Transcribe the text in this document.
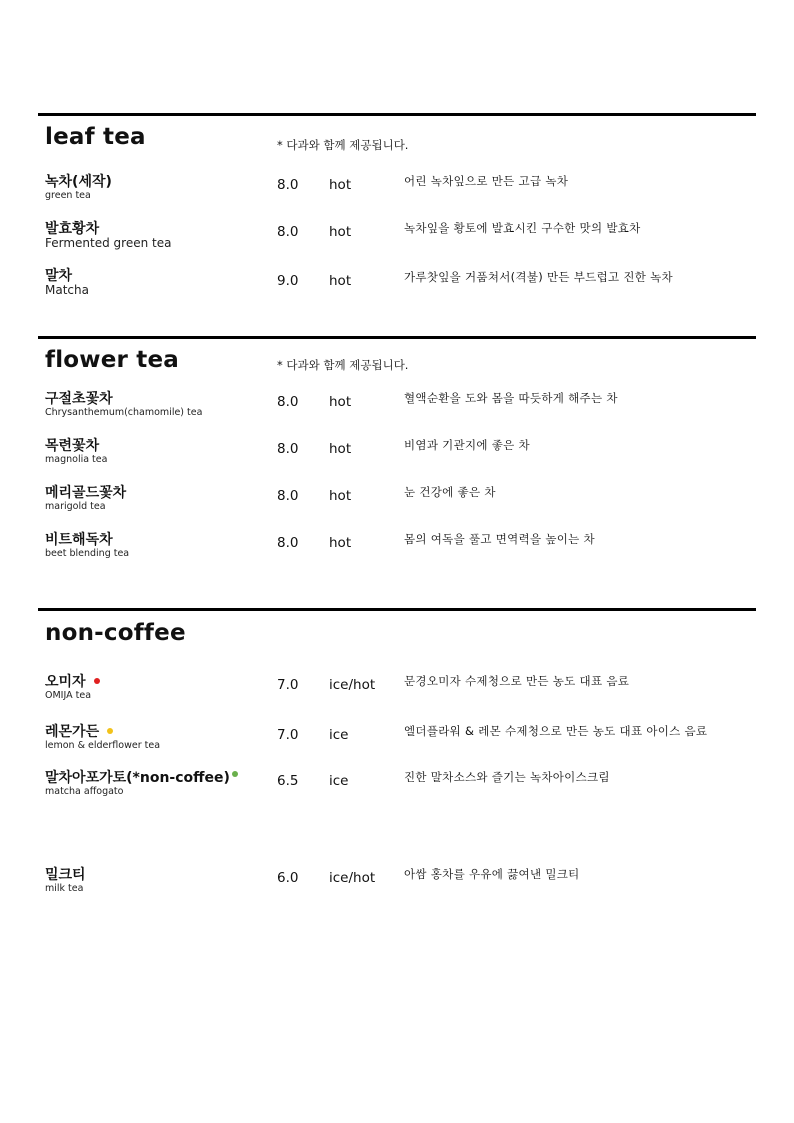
leaf tea	* 다과와 함께 제공됩니다.
녹차(세작)
green tea
8.0 hot	어린 녹차잎으로 만든 고급 녹차
발효황차
Fermented green tea
8.0 hot	녹차잎을 황토에 발효시킨 구수한 맛의 발효차
말차
Matcha
9.0 hot	가루찻잎을 거품쳐서(격불) 만든 부드럽고 진한 녹차
flower tea	* 다과와 함께 제공됩니다.
구절초꽃차
Chrysanthemum(chamomile) tea
8.0 hot	혈액순환을 도와 몸을 따듯하게 해주는 차
목련꽃차
magnolia tea
8.0 hot	비염과 기관지에 좋은 차
메리골드꽃차
marigold tea
8.0 hot	눈 건강에 좋은 차
비트해독차
beet blending tea
8.0 hot	몸의 여독을 풀고 면역력을 높이는 차
non-coffee
오미자
OMIJA tea
7.0 ice/hot	문경오미자 수제청으로 만든 농도 대표 음료
레몬가든
lemon & elderflower tea
7.0 ice	엘더플라워 & 레몬 수제청으로 만든 농도 대표 아이스 음료
말차아포가토(*non-coffee)
matcha affogato
6.5 ice	진한 말차소스와 즐기는 녹차아이스크림
밀크티
milk tea
6.0 ice/hot	아쌈 홍차를 우유에 끓여낸 밀크티
